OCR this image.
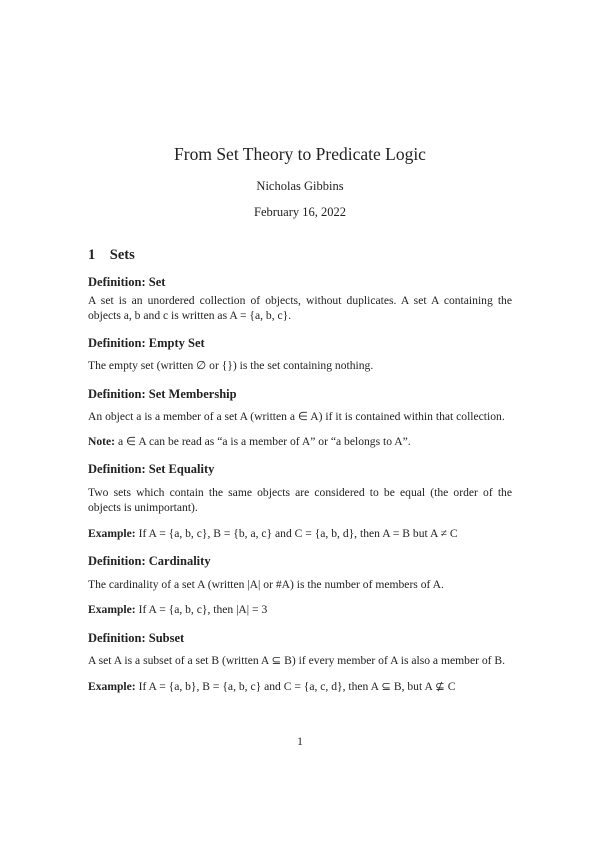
From Set Theory to Predicate Logic
Nicholas Gibbins
February 16, 2022
1 Sets
Definition: Set
A set is an unordered collection of objects, without duplicates. A set A containing the
objects a, b and c is written as A = {a, b, c}.
Definition: Empty Set
The empty set (written ∅ or {}) is the set containing nothing.
Definition: Set Membership
An object a is a member of a set A (written a ∈ A) if it is contained within that collection.
Note: a ∈ A can be read as “a is a member of A” or “a belongs to A”.
Definition: Set Equality
Two sets which contain the same objects are considered to be equal (the order of the
objects is unimportant).
Example: If A = {a, b, c}, B = {b, a, c} and C = {a, b, d}, then A = B but A ≠ C
Definition: Cardinality
The cardinality of a set A (written |A| or #A) is the number of members of A.
Example: If A = {a, b, c}, then |A| = 3
Definition: Subset
A set A is a subset of a set B (written A ⊆ B) if every member of A is also a member of B.
Example: If A = {a, b}, B = {a, b, c} and C = {a, c, d}, then A ⊆ B, but A ⊈ C
1
